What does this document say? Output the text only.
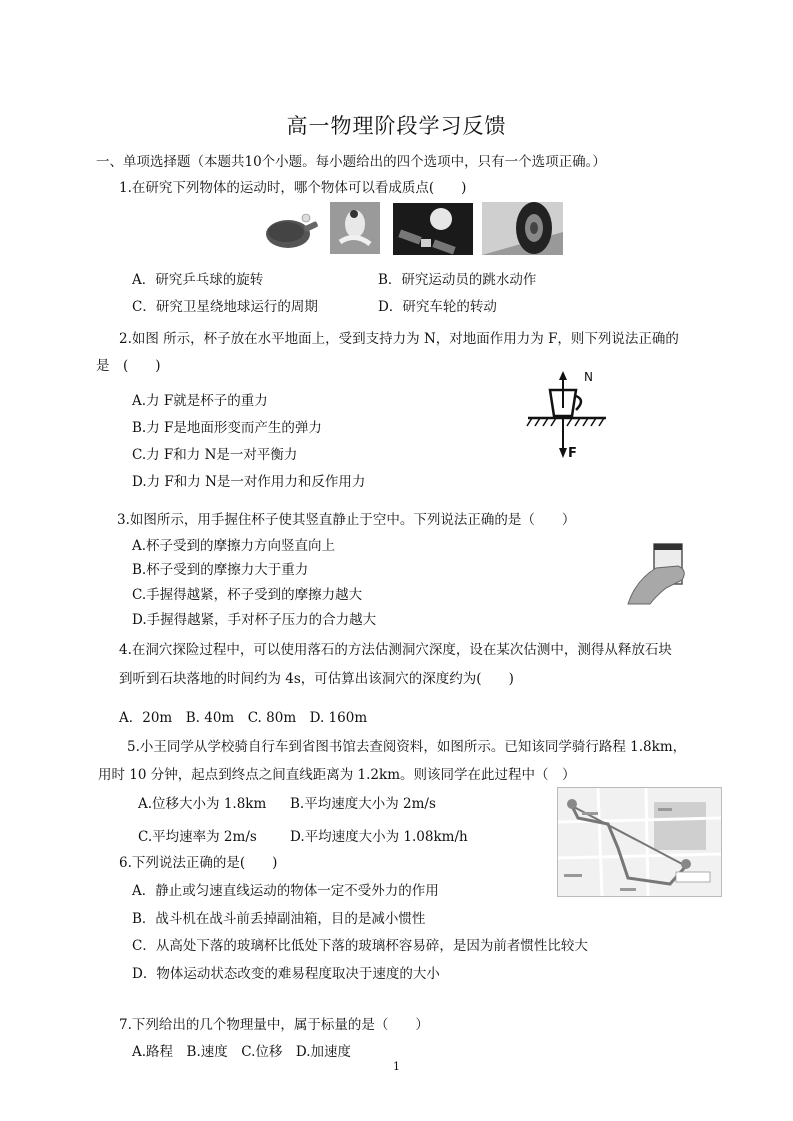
高一物理阶段学习反馈
一、单项选择题（本题共10个小题。每小题给出的四个选项中，只有一个选项正确。）
1.在研究下列物体的运动时，哪个物体可以看成质点(　　)
A．研究乒乓球的旋转	B．研究运动员的跳水动作
C．研究卫星绕地球运行的周期	D．研究车轮的转动
2.如图 所示，杯子放在水平地面上，受到支持力为 N，对地面作用力为 F，则下列说法正确的
是　(　　)
A.力 F就是杯子的重力
B.力 F是地面形变而产生的弹力
C.力 F和力 N是一对平衡力
D.力 F和力 N是一对作用力和反作用力
N
F
3.如图所示，用手握住杯子使其竖直静止于空中。下列说法正确的是（　　）
A.杯子受到的摩擦力方向竖直向上
B.杯子受到的摩擦力大于重力
C.手握得越紧，杯子受到的摩擦力越大
D.手握得越紧，手对杯子压力的合力越大
4.在洞穴探险过程中，可以使用落石的方法估测洞穴深度，设在某次估测中，测得从释放石块
到听到石块落地的时间约为 4s，可估算出该洞穴的深度约为(　　)
A．20m　B. 40m　C. 80m　D. 160m
5.小王同学从学校骑自行车到省图书馆去查阅资料，如图所示。已知该同学骑行路程 1.8km，
用时 10 分钟，起点到终点之间直线距离为 1.2km。则该同学在此过程中（　）
A.位移大小为 1.8km B.平均速度大小为 2m/s
C.平均速率为 2m/s D.平均速度大小为 1.08km/h
6.下列说法正确的是(　　)
A．静止或匀速直线运动的物体一定不受外力的作用
B．战斗机在战斗前丢掉副油箱，目的是减小惯性
C．从高处下落的玻璃杯比低处下落的玻璃杯容易碎，是因为前者惯性比较大
D．物体运动状态改变的难易程度取决于速度的大小
7.下列给出的几个物理量中，属于标量的是（　　）
A.路程　B.速度　C.位移　D.加速度
1
